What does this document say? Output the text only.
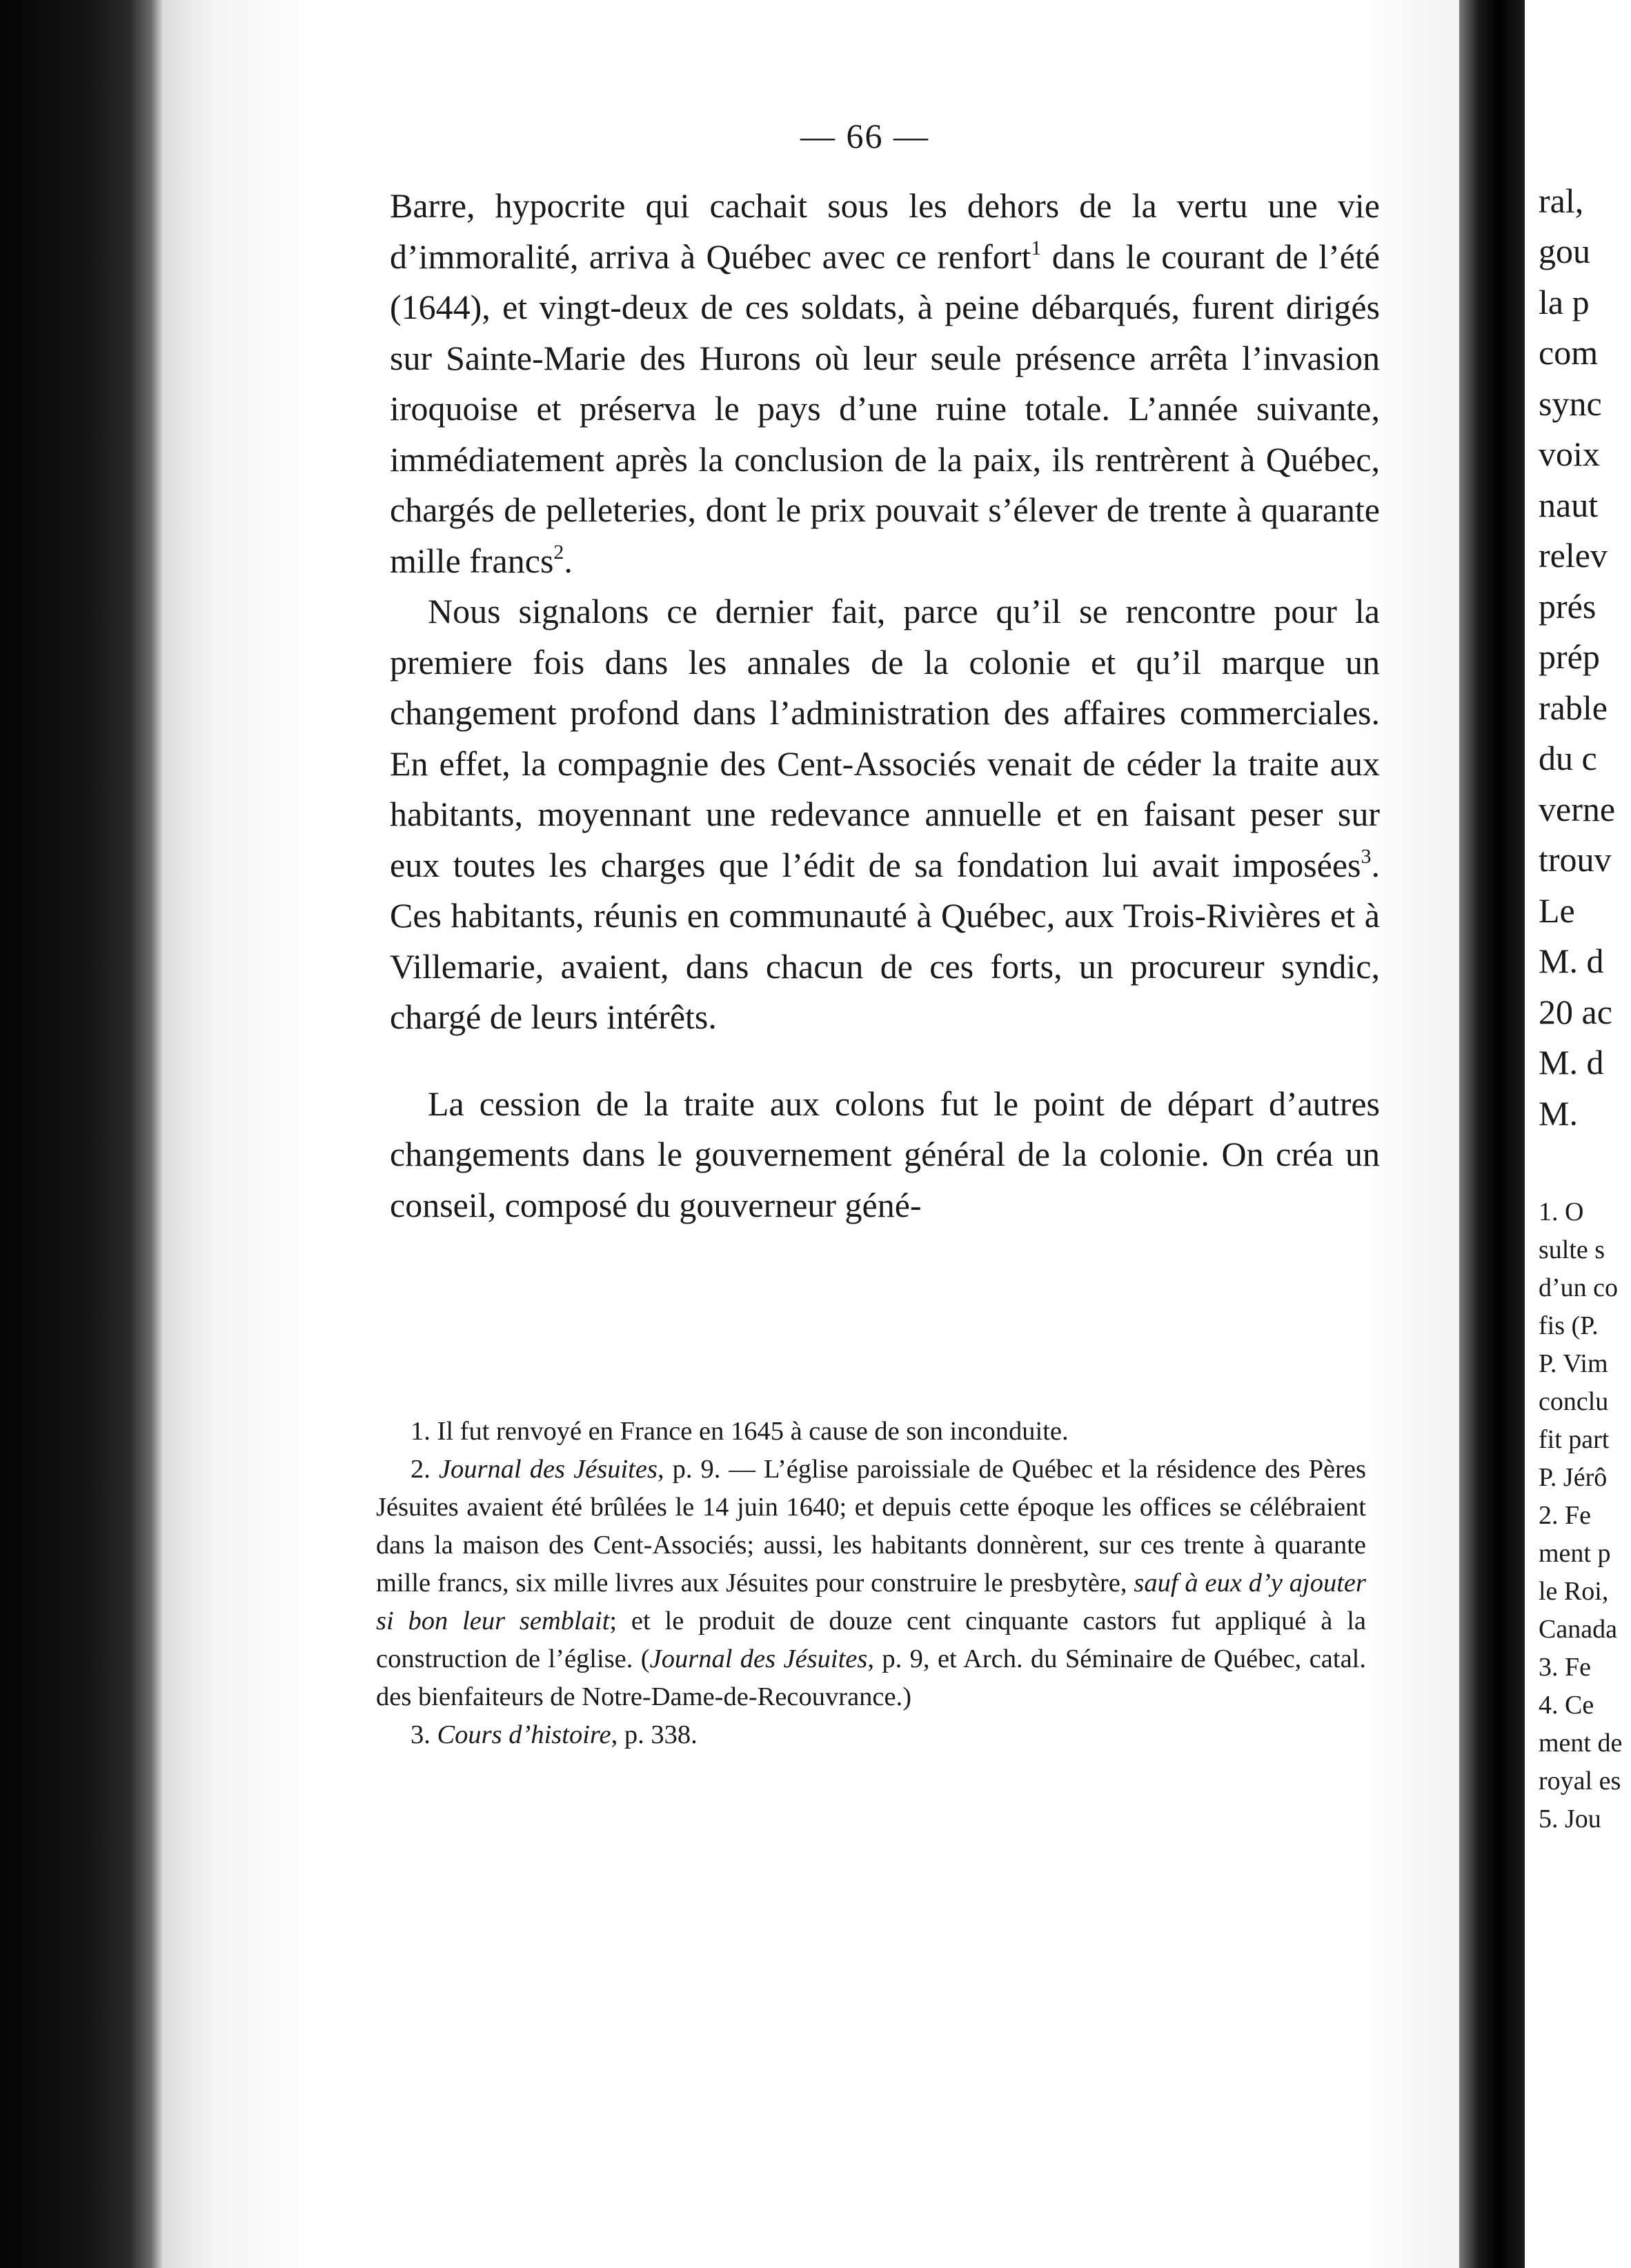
— 66 —

Barre, hypocrite qui cachait sous les dehors de la vertu une vie d’immoralité, arriva à Québec avec ce renfort$^1$ dans le courant de l’été (1644), et vingt-deux de ces soldats, à peine débarqués, furent dirigés sur Sainte-Marie des Hurons où leur seule présence arrêta l’invasion iroquoise et préserva le pays d’une ruine totale. L’année suivante, immédiatement après la conclusion de la paix, ils rentrèrent à Québec, chargés de pelleteries, dont le prix pouvait s’élever de trente à quarante mille francs$^2$.

Nous signalons ce dernier fait, parce qu’il se rencontre pour la premiere fois dans les annales de la colonie et qu’il marque un changement profond dans l’administration des affaires commerciales. En effet, la compagnie des Cent-Associés venait de céder la traite aux habitants, moyennant une redevance annuelle et en faisant peser sur eux toutes les charges que l’édit de sa fondation lui avait imposées$^3$. Ces habitants, réunis en communauté à Québec, aux Trois-Rivières et à Villemarie, avaient, dans chacun de ces forts, un procureur syndic, chargé de leurs intérêts.

La cession de la traite aux colons fut le point de départ d’autres changements dans le gouvernement général de la colonie. On créa un conseil, composé du gouverneur géné-

1. Il fut renvoyé en France en 1645 à cause de son inconduite.

2. Journal des Jésuites, p. 9. — L’église paroissiale de Québec et la résidence des Pères Jésuites avaient été brûlées le 14 juin 1640; et depuis cette époque les offices se célébraient dans la maison des Cent-Associés; aussi, les habitants donnèrent, sur ces trente à quarante mille francs, six mille livres aux Jésuites pour construire le presbytère, sauf à eux d’y ajouter si bon leur semblait; et le produit de douze cent cinquante castors fut appliqué à la construction de l’église. (Journal des Jésuites, p. 9, et Arch. du Séminaire de Québec, catal. des bienfaiteurs de Notre-Dame-de-Recouvrance.)

3. Cours d’histoire, p. 338.

ral,
gou
la p
com
sync
voix
naut
relev
prés
prép
rable
du c
verne
trouv
Le
M. d
20 ac
M. d
M.
1. O
sulte s
d’un co
fis (P.
P. Vim
conclu
fit part
P. Jérô
2. Fe
ment p
le Roi,
Canada
3. Fe
4. Ce
ment de
royal es
5. Jou
